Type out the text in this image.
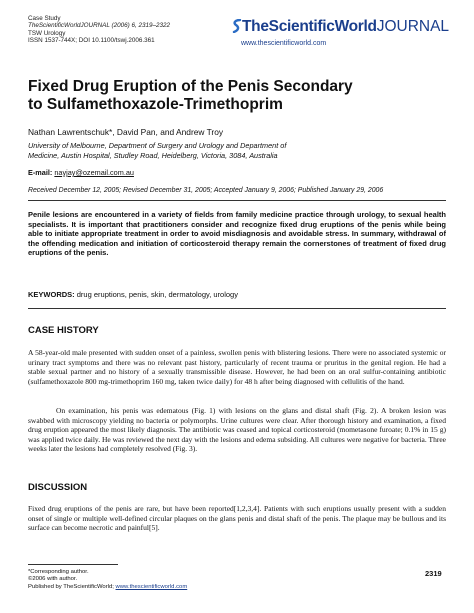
Case Study
TheScientificWorldJOURNAL (2006) 6, 2319–2322
TSW Urology
ISSN 1537-744X; DOI 10.1100/tswj.2006.361
TheScientificWorldJOURNAL
www.thescientificworld.com
Fixed Drug Eruption of the Penis Secondary
to Sulfamethoxazole-Trimethoprim
Nathan Lawrentschuk*, David Pan, and Andrew Troy
University of Melbourne, Department of Surgery and Urology and Department of
Medicine, Austin Hospital, Studley Road, Heidelberg, Victoria, 3084, Australia
E-mail: nayjay@ozemail.com.au
Received December 12, 2005; Revised December 31, 2005; Accepted January 9, 2006; Published January 29, 2006

Penile lesions are encountered in a variety of fields from family medicine practice through urology, to sexual health specialists. It is important that practitioners consider and recognize fixed drug eruptions of the penis while being able to initiate appropriate treatment in order to avoid misdiagnosis and avoidable stress. In summary, withdrawal of the offending medication and initiation of corticosteroid therapy remain the cornerstones of treatment of fixed drug eruptions of the penis.

KEYWORDS: drug eruptions, penis, skin, dermatology, urology
CASE HISTORY

A 58-year-old male presented with sudden onset of a painless, swollen penis with blistering lesions. There were no associated systemic or urinary tract symptoms and there was no relevant past history, particularly of recent trauma or pruritus in the genital region. He had a stable sexual partner and no history of a sexually transmissible disease. However, he had been on an oral sulfur-containing antibiotic (sulfamethoxazole 800 mg-trimethoprim 160 mg, taken twice daily) for 48 h after being diagnosed with cellulitis of the hand.

On examination, his penis was edematous (Fig. 1) with lesions on the glans and distal shaft (Fig. 2). A broken lesion was swabbed with microscopy yielding no bacteria or polymorphs. Urine cultures were clear. After thorough history and examination, a fixed drug eruption appeared the most likely diagnosis. The antibiotic was ceased and topical corticosteroid (mometasone furoate; 0.1% in 15 g) was applied twice daily. He was reviewed the next day with the lesions and edema subsiding. All cultures were negative for bacteria. Three weeks later the lesions had completely resolved (Fig. 3).

DISCUSSION

Fixed drug eruptions of the penis are rare, but have been reported[1,2,3,4]. Patients with such eruptions usually present with a sudden onset of single or multiple well-defined circular plaques on the glans penis and distal shaft of the penis. The plaque may be bullous and its surface can become necrotic and painful[5].

*Corresponding author.
©2006 with author.
Published by TheScientificWorld; www.thescientificworld.com
2319
